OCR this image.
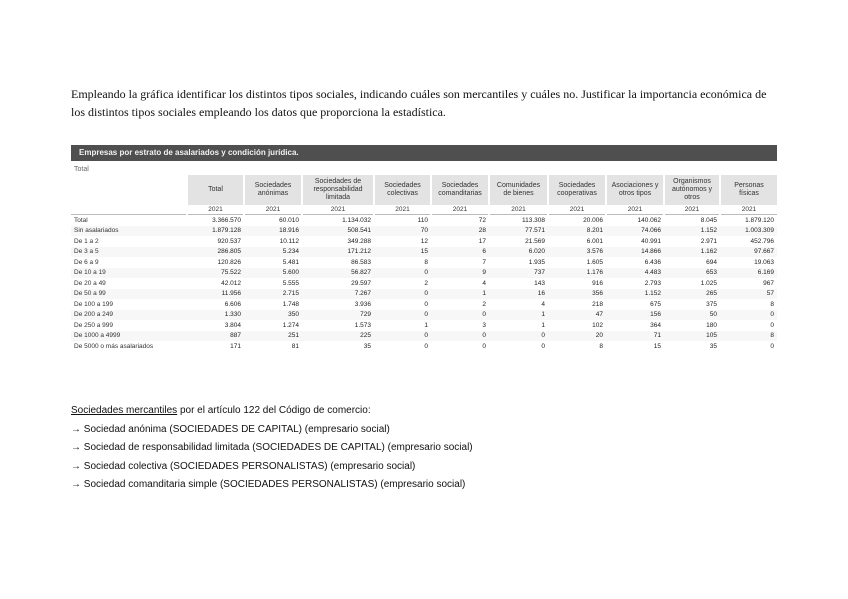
Empleando la gráfica identificar los distintos tipos sociales, indicando cuáles son mercantiles y cuáles no. Justificar la importancia económica de los distintos tipos sociales empleando los datos que proporciona la estadística.
Empresas por estrato de asalariados y condición jurídica.
Total
	Total	Sociedades anónimas	Sociedades de responsabilidad limitada	Sociedades colectivas	Sociedades comanditarias	Comunidades de bienes	Sociedades cooperativas	Asociaciones y otros tipos	Organismos autónomos y otros	Personas físicas
	2021	2021	2021	2021	2021	2021	2021	2021	2021	2021
Total	3.366.570	60.010	1.134.032	110	72	113.308	20.006	140.062	8.045	1.879.120
Sin asalariados	1.879.128	18.916	508.541	70	28	77.571	8.201	74.066	1.152	1.003.309
De 1 a 2	920.537	10.112	349.288	12	17	21.569	6.001	40.991	2.971	452.796
De 3 a 5	286.805	5.234	171.212	15	6	6.020	3.576	14.866	1.162	97.667
De 6 a 9	120.826	5.481	86.583	8	7	1.935	1.605	6.436	694	19.063
De 10 a 19	75.522	5.600	56.827	0	9	737	1.176	4.483	653	6.169
De 20 a 49	42.012	5.555	29.597	2	4	143	916	2.793	1.025	967
De 50 a 99	11.956	2.715	7.267	0	1	16	356	1.152	265	57
De 100 a 199	6.606	1.748	3.936	0	2	4	218	675	375	8
De 200 a 249	1.330	350	729	0	0	1	47	156	50	0
De 250 a 999	3.804	1.274	1.573	1	3	1	102	364	180	0
De 1000 a 4999	887	251	225	0	0	0	20	71	105	8
De 5000 o más asalariados	171	81	35	0	0	0	8	15	35	0
Sociedades mercantiles por el artículo 122 del Código de comercio:
→ Sociedad anónima (SOCIEDADES DE CAPITAL) (empresario social)
→ Sociedad de responsabilidad limitada (SOCIEDADES DE CAPITAL) (empresario social)
→ Sociedad colectiva (SOCIEDADES PERSONALISTAS) (empresario social)
→ Sociedad comanditaria simple (SOCIEDADES PERSONALISTAS) (empresario social)
